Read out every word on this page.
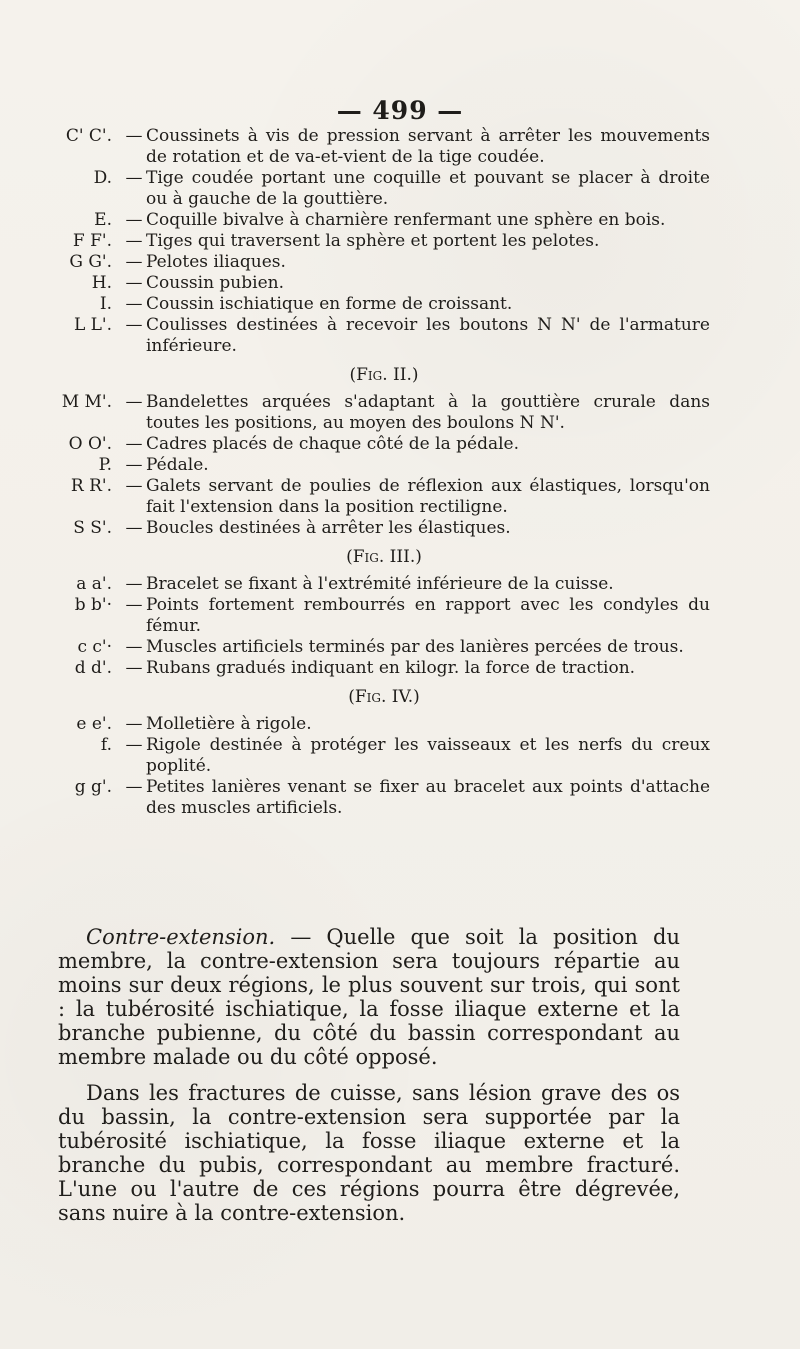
— 499 —
C' C'. — Coussinets à vis de pression servant à arrêter les mouvements de rotation et de va-et-vient de la tige coudée.
D. — Tige coudée portant une coquille et pouvant se placer à droite ou à gauche de la gouttière.
E. — Coquille bivalve à charnière renfermant une sphère en bois.
F F'. — Tiges qui traversent la sphère et portent les pelotes.
G G'. — Pelotes iliaques.
H. — Coussin pubien.
I. — Coussin ischiatique en forme de croissant.
L L'. — Coulisses destinées à recevoir les boutons N N' de l'armature inférieure.
(Fig. II.)
M M'. — Bandelettes arquées s'adaptant à la gouttière crurale dans toutes les positions, au moyen des boulons N N'.
O O'. — Cadres placés de chaque côté de la pédale.
P. — Pédale.
R R'. — Galets servant de poulies de réflexion aux élastiques, lorsqu'on fait l'extension dans la position rectiligne.
S S'. — Boucles destinées à arrêter les élastiques.
(Fig. III.)
a a'. — Bracelet se fixant à l'extrémité inférieure de la cuisse.
b b'· — Points fortement rembourrés en rapport avec les condyles du fémur.
c c'· — Muscles artificiels terminés par des lanières percées de trous.
d d'. — Rubans gradués indiquant en kilogr. la force de traction.
(Fig. IV.)
e e'. — Molletière à rigole.
f. — Rigole destinée à protéger les vaisseaux et les nerfs du creux poplité.
g g'. — Petites lanières venant se fixer au bracelet aux points d'attache des muscles artificiels.

Contre-extension. — Quelle que soit la position du membre, la contre-extension sera toujours répartie au moins sur deux régions, le plus souvent sur trois, qui sont : la tubérosité ischiatique, la fosse iliaque externe et la branche pubienne, du côté du bassin correspondant au membre malade ou du côté opposé.

Dans les fractures de cuisse, sans lésion grave des os du bassin, la contre-extension sera supportée par la tubérosité ischiatique, la fosse iliaque externe et la branche du pubis, correspondant au membre fracturé. L'une ou l'autre de ces régions pourra être dégrevée, sans nuire à la contre-extension.
